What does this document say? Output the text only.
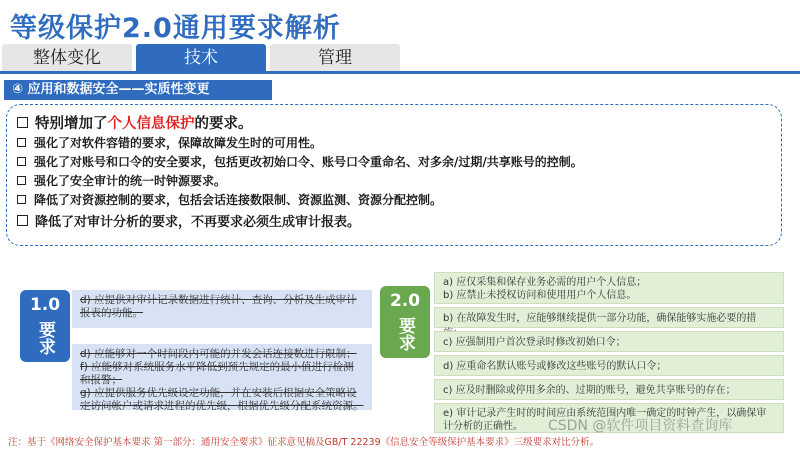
等级保护2.0通用要求解析
整体变化	技术	管理
④ 应用和数据安全——实质性变更
特别增加了 个人信息保护 的要求。
强化了对软件容错的要求，保障故障发生时的可用性。
强化了对账号和口令的安全要求，包括更改初始口令、账号口令重命名、对多余/过期/共享账号的控制。
强化了安全审计的统一时钟源要求。
降低了对资源控制的要求，包括会话连接数限制、资源监测、资源分配控制。
降低了对审计分析的要求，不再要求必须生成审计报表。
1.0
要求
d) 应提供对审计记录数据进行统计、查询、分析及生成审计报表的功能。
d) 应能够对一个时间段内可能的并发会话连接数进行限制；
f) 应能够对系统服务水平降低到预先规定的最小值进行检测和报警；
g) 应提供服务优先级设定功能，并在安装后根据安全策略设定访问帐户或请求进程的优先级，根据优先级分配系统资源。
2.0
要求
a) 应仅采集和保存业务必需的用户个人信息；
b) 应禁止未授权访问和使用用户个人信息。
b) 在故障发生时，应能够继续提供一部分功能，确保能够实施必要的措
c) 应强制用户首次登录时修改初始口令；
d) 应重命名默认账号或修改这些账号的默认口令；
c) 应及时删除或停用多余的、过期的账号，避免共享账号的存在；
e) 审计记录产生时的时间应由系统范围内唯一确定的时钟产生，以确保审计分析的正确性。
注：基于《网络安全保护基本要求 第一部分：通用安全要求》征求意见稿及GB/T 22239《信息安全等级保护基本要求》三级要求对比分析。
CSDN @软件项目资料查询库
